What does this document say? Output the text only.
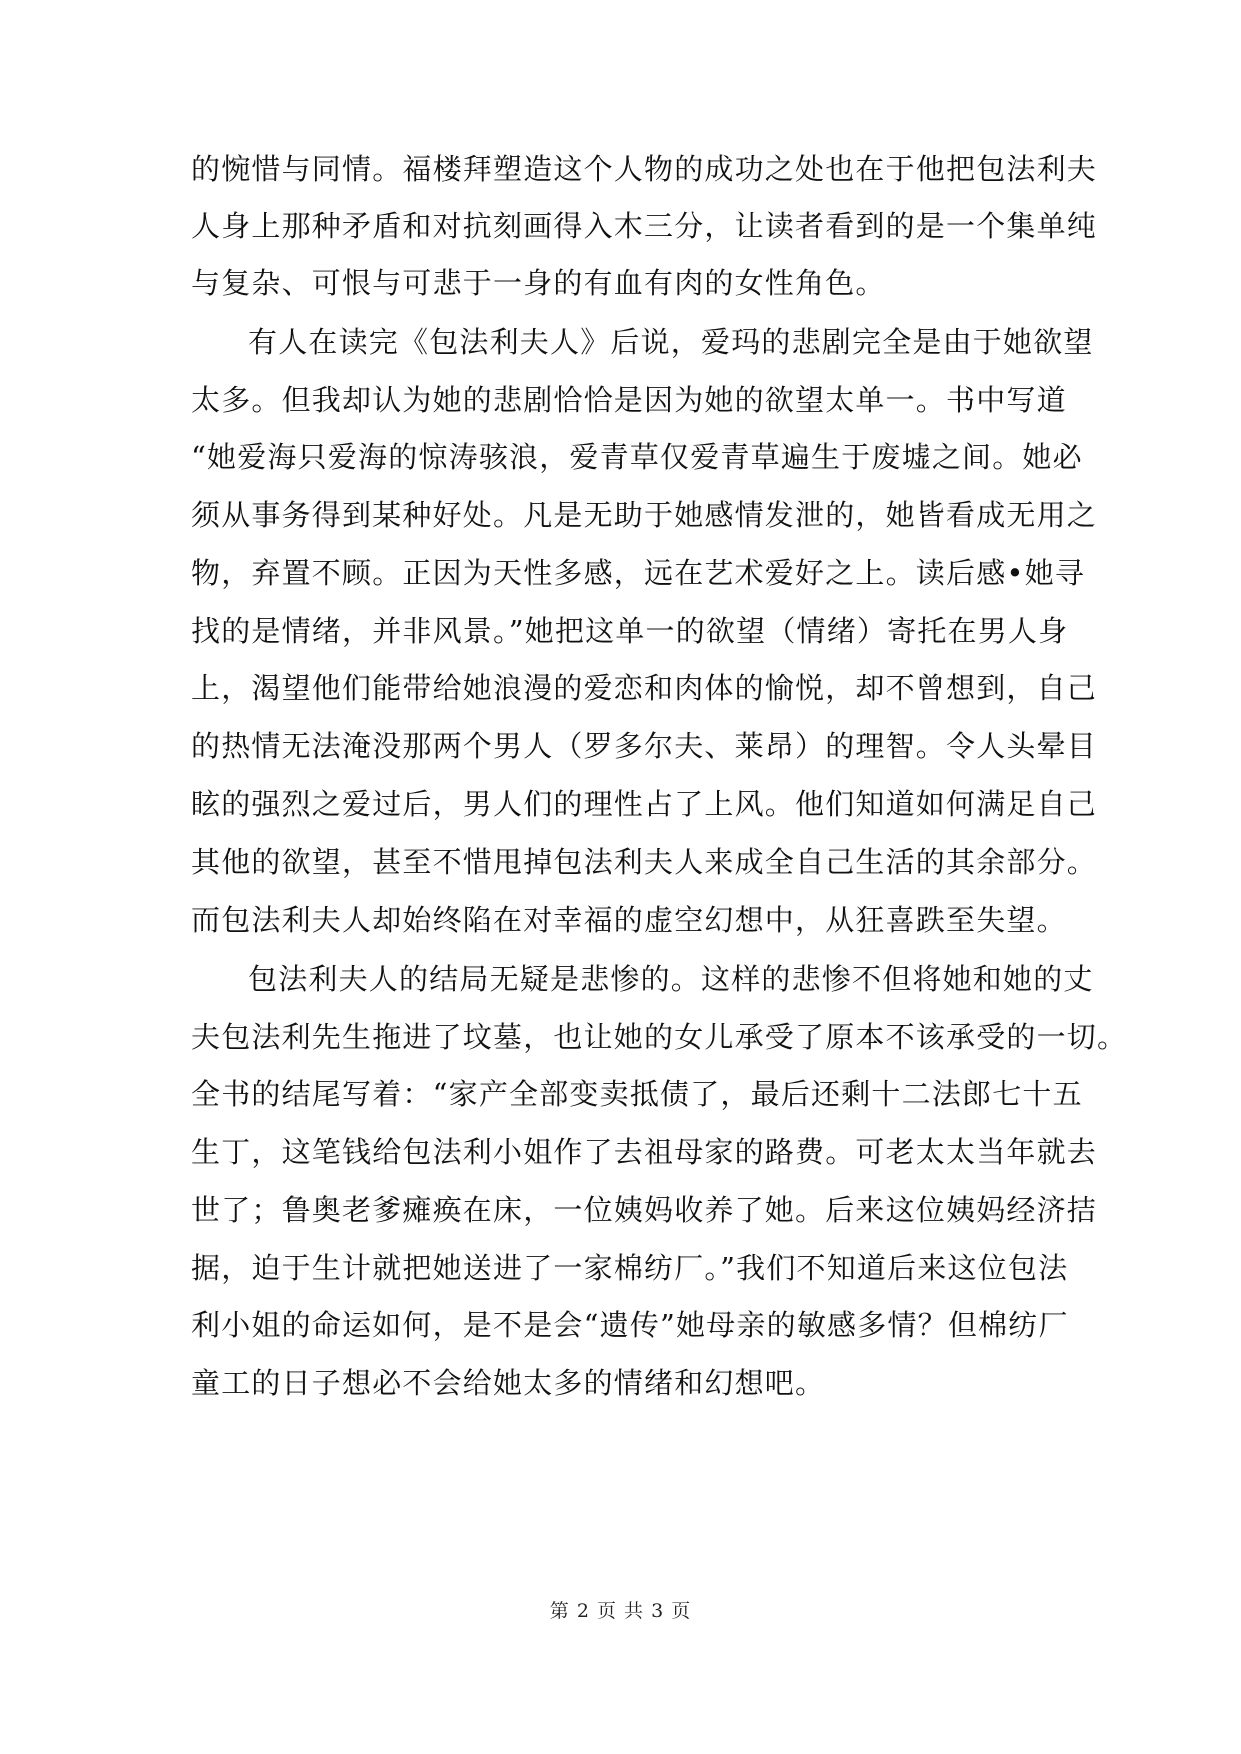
的惋惜与同情。福楼拜塑造这个人物的成功之处也在于他把包法利夫
人身上那种矛盾和对抗刻画得入木三分，让读者看到的是一个集单纯
与复杂、可恨与可悲于一身的有血有肉的女性角色。
有人在读完《包法利夫人》后说，爱玛的悲剧完全是由于她欲望
太多。但我却认为她的悲剧恰恰是因为她的欲望太单一。书中写道
“她爱海只爱海的惊涛骇浪，爱青草仅爱青草遍生于废墟之间。她必
须从事务得到某种好处。凡是无助于她感情发泄的，她皆看成无用之
物，弃置不顾。正因为天性多感，远在艺术爱好之上。读后感•她寻
找的是情绪，并非风景。”她把这单一的欲望（情绪）寄托在男人身
上，渴望他们能带给她浪漫的爱恋和肉体的愉悦，却不曾想到，自己
的热情无法淹没那两个男人（罗多尔夫、莱昂）的理智。令人头晕目
眩的强烈之爱过后，男人们的理性占了上风。他们知道如何满足自己
其他的欲望，甚至不惜甩掉包法利夫人来成全自己生活的其余部分。
而包法利夫人却始终陷在对幸福的虚空幻想中，从狂喜跌至失望。
包法利夫人的结局无疑是悲惨的。这样的悲惨不但将她和她的丈
夫包法利先生拖进了坟墓，也让她的女儿承受了原本不该承受的一切。
全书的结尾写着：“家产全部变卖抵债了，最后还剩十二法郎七十五
生丁，这笔钱给包法利小姐作了去祖母家的路费。可老太太当年就去
世了；鲁奥老爹瘫痪在床，一位姨妈收养了她。后来这位姨妈经济拮
据，迫于生计就把她送进了一家棉纺厂。”我们不知道后来这位包法
利小姐的命运如何，是不是会“遗传”她母亲的敏感多情？但棉纺厂
童工的日子想必不会给她太多的情绪和幻想吧。
第 2 页 共 3 页
